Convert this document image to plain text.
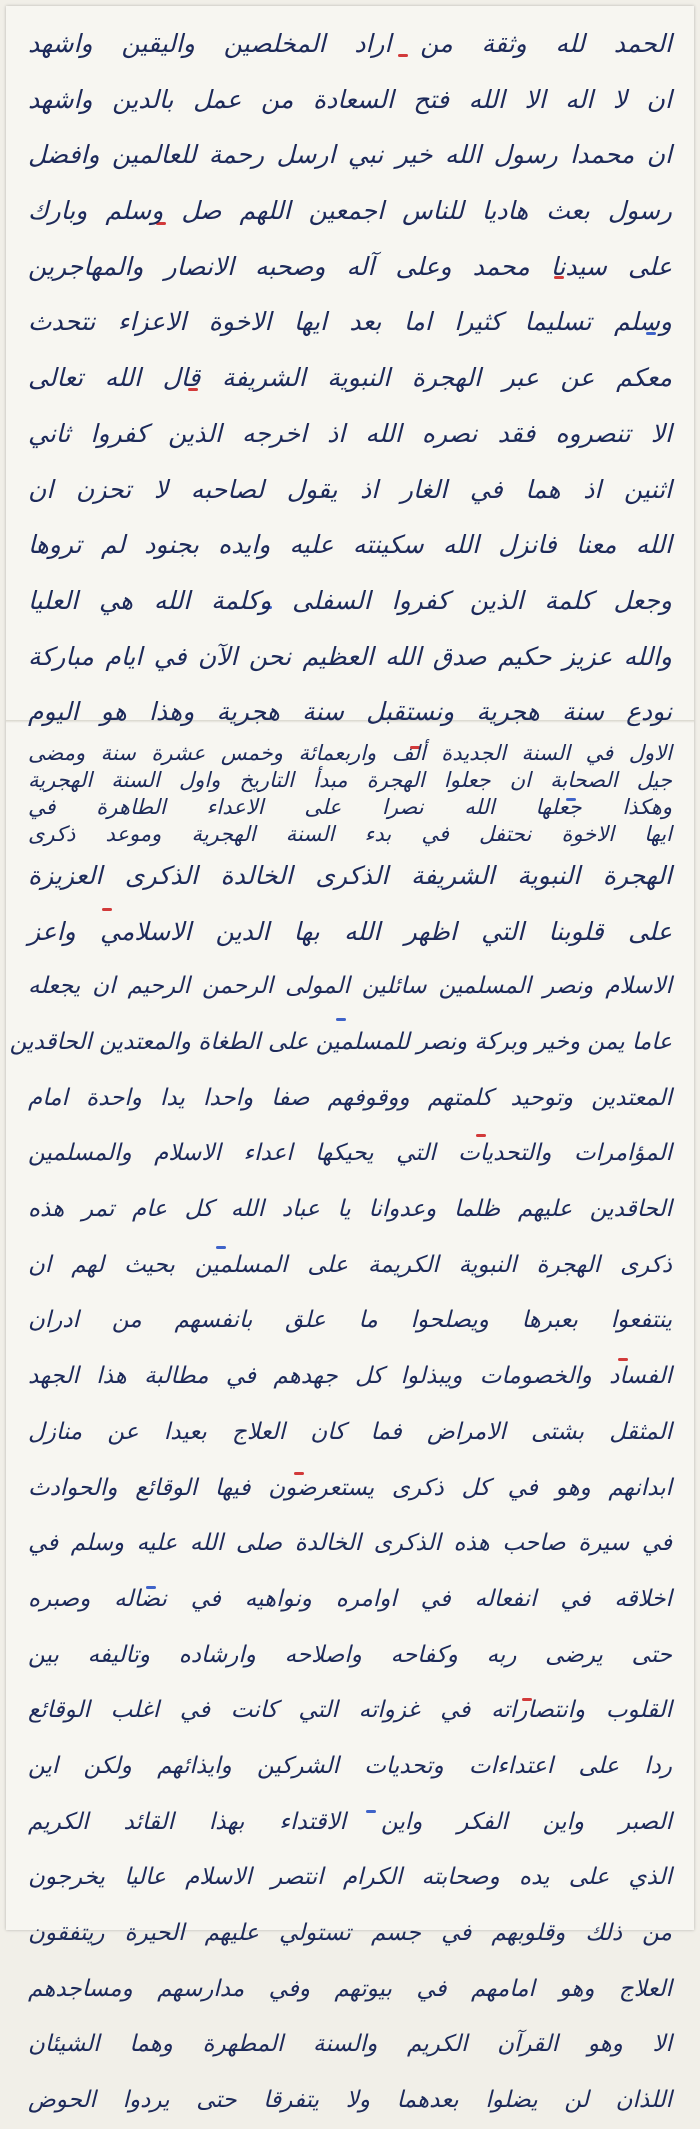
الحمد لله وثقة من اراد المخلصين واليقين واشهد
ان لا اله الا الله فتح السعادة من عمل بالدين واشهد
ان محمدا رسول الله خير نبي ارسل رحمة للعالمين وافضل
رسول بعث هاديا للناس اجمعين اللهم صل وسلم وبارك
على سيدنا محمد وعلى آله وصحبه الانصار والمهاجرين
وسلم تسليما كثيرا اما بعد ايها الاخوة الاعزاء نتحدث
معكم عن عبر الهجرة النبوية الشريفة قال الله تعالى
الا تنصروه فقد نصره الله اذ اخرجه الذين كفروا ثاني
اثنين اذ هما في الغار اذ يقول لصاحبه لا تحزن ان
الله معنا فانزل الله سكينته عليه وايده بجنود لم تروها
وجعل كلمة الذين كفروا السفلى وكلمة الله هي العليا
والله عزيز حكيم صدق الله العظيم نحن الآن في ايام مباركة
نودع سنة هجرية ونستقبل سنة هجرية وهذا هو اليوم
الاول في السنة الجديدة ألف واربعمائة وخمس عشرة سنة ومضى
جيل الصحابة ان جعلوا الهجرة مبدأ التاريخ واول السنة الهجرية
وهكذا جعلها الله نصرا على الاعداء الطاهرة في
ايها الاخوة نحتفل في بدء السنة الهجرية وموعد ذكرى
الهجرة النبوية الشريفة الذكرى الخالدة الذكرى العزيزة
على قلوبنا التي اظهر الله بها الدين الاسلامي واعز
الاسلام ونصر المسلمين سائلين المولى الرحمن الرحيم ان يجعله
عاما يمن وخير وبركة ونصر للمسلمين على الطغاة والمعتدين الحاقدين
المعتدين وتوحيد كلمتهم ووقوفهم صفا واحدا يدا واحدة امام
المؤامرات والتحديات التي يحيكها اعداء الاسلام والمسلمين
الحاقدين عليهم ظلما وعدوانا يا عباد الله كل عام تمر هذه
ذكرى الهجرة النبوية الكريمة على المسلمين بحيث لهم ان
ينتفعوا بعبرها ويصلحوا ما علق بانفسهم من ادران
الفساد والخصومات ويبذلوا كل جهدهم في مطالبة هذا الجهد
المثقل بشتى الامراض فما كان العلاج بعيدا عن منازل
ابدانهم وهو في كل ذكرى يستعرضون فيها الوقائع والحوادث
في سيرة صاحب هذه الذكرى الخالدة صلى الله عليه وسلم في
اخلاقه في انفعاله في اوامره ونواهيه في نضاله وصبره
حتى يرضى ربه وكفاحه واصلاحه وارشاده وتاليفه بين
القلوب وانتصاراته في غزواته التي كانت في اغلب الوقائع
ردا على اعتداءات وتحديات الشركين وايذائهم ولكن اين
الصبر واين الفكر واين الاقتداء بهذا القائد الكريم
الذي على يده وصحابته الكرام انتصر الاسلام عاليا يخرجون
من ذلك وقلوبهم في جسم تستولي عليهم الحيرة ريتفقون
العلاج وهو امامهم في بيوتهم وفي مدارسهم ومساجدهم
الا وهو القرآن الكريم والسنة المطهرة وهما الشيئان
اللذان لن يضلوا بعدهما ولا يتفرقا حتى يردوا الحوض
